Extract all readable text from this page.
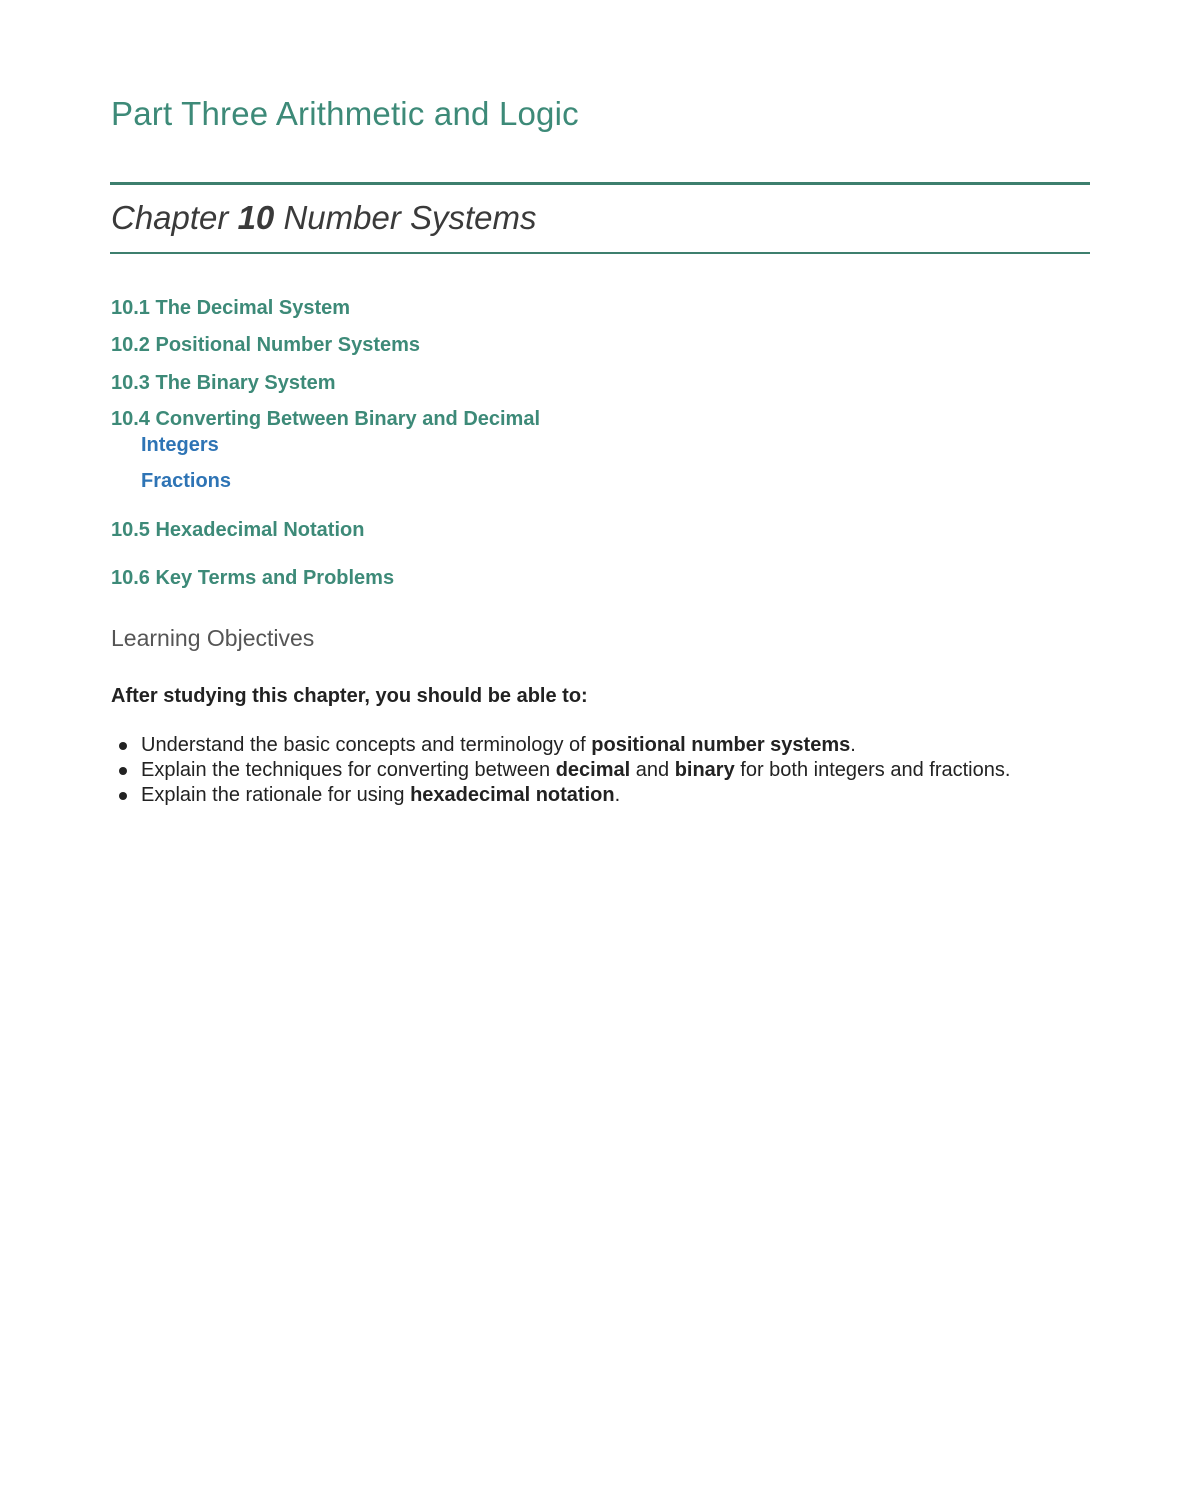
Part Three Arithmetic and Logic
Chapter 10 Number Systems
10.1 The Decimal System
10.2 Positional Number Systems
10.3 The Binary System
10.4 Converting Between Binary and Decimal
Integers
Fractions
10.5 Hexadecimal Notation
10.6 Key Terms and Problems
Learning Objectives

After studying this chapter, you should be able to:

Understand the basic concepts and terminology of positional number systems.
Explain the techniques for converting between decimal and binary for both integers and fractions.
Explain the rationale for using hexadecimal notation.
